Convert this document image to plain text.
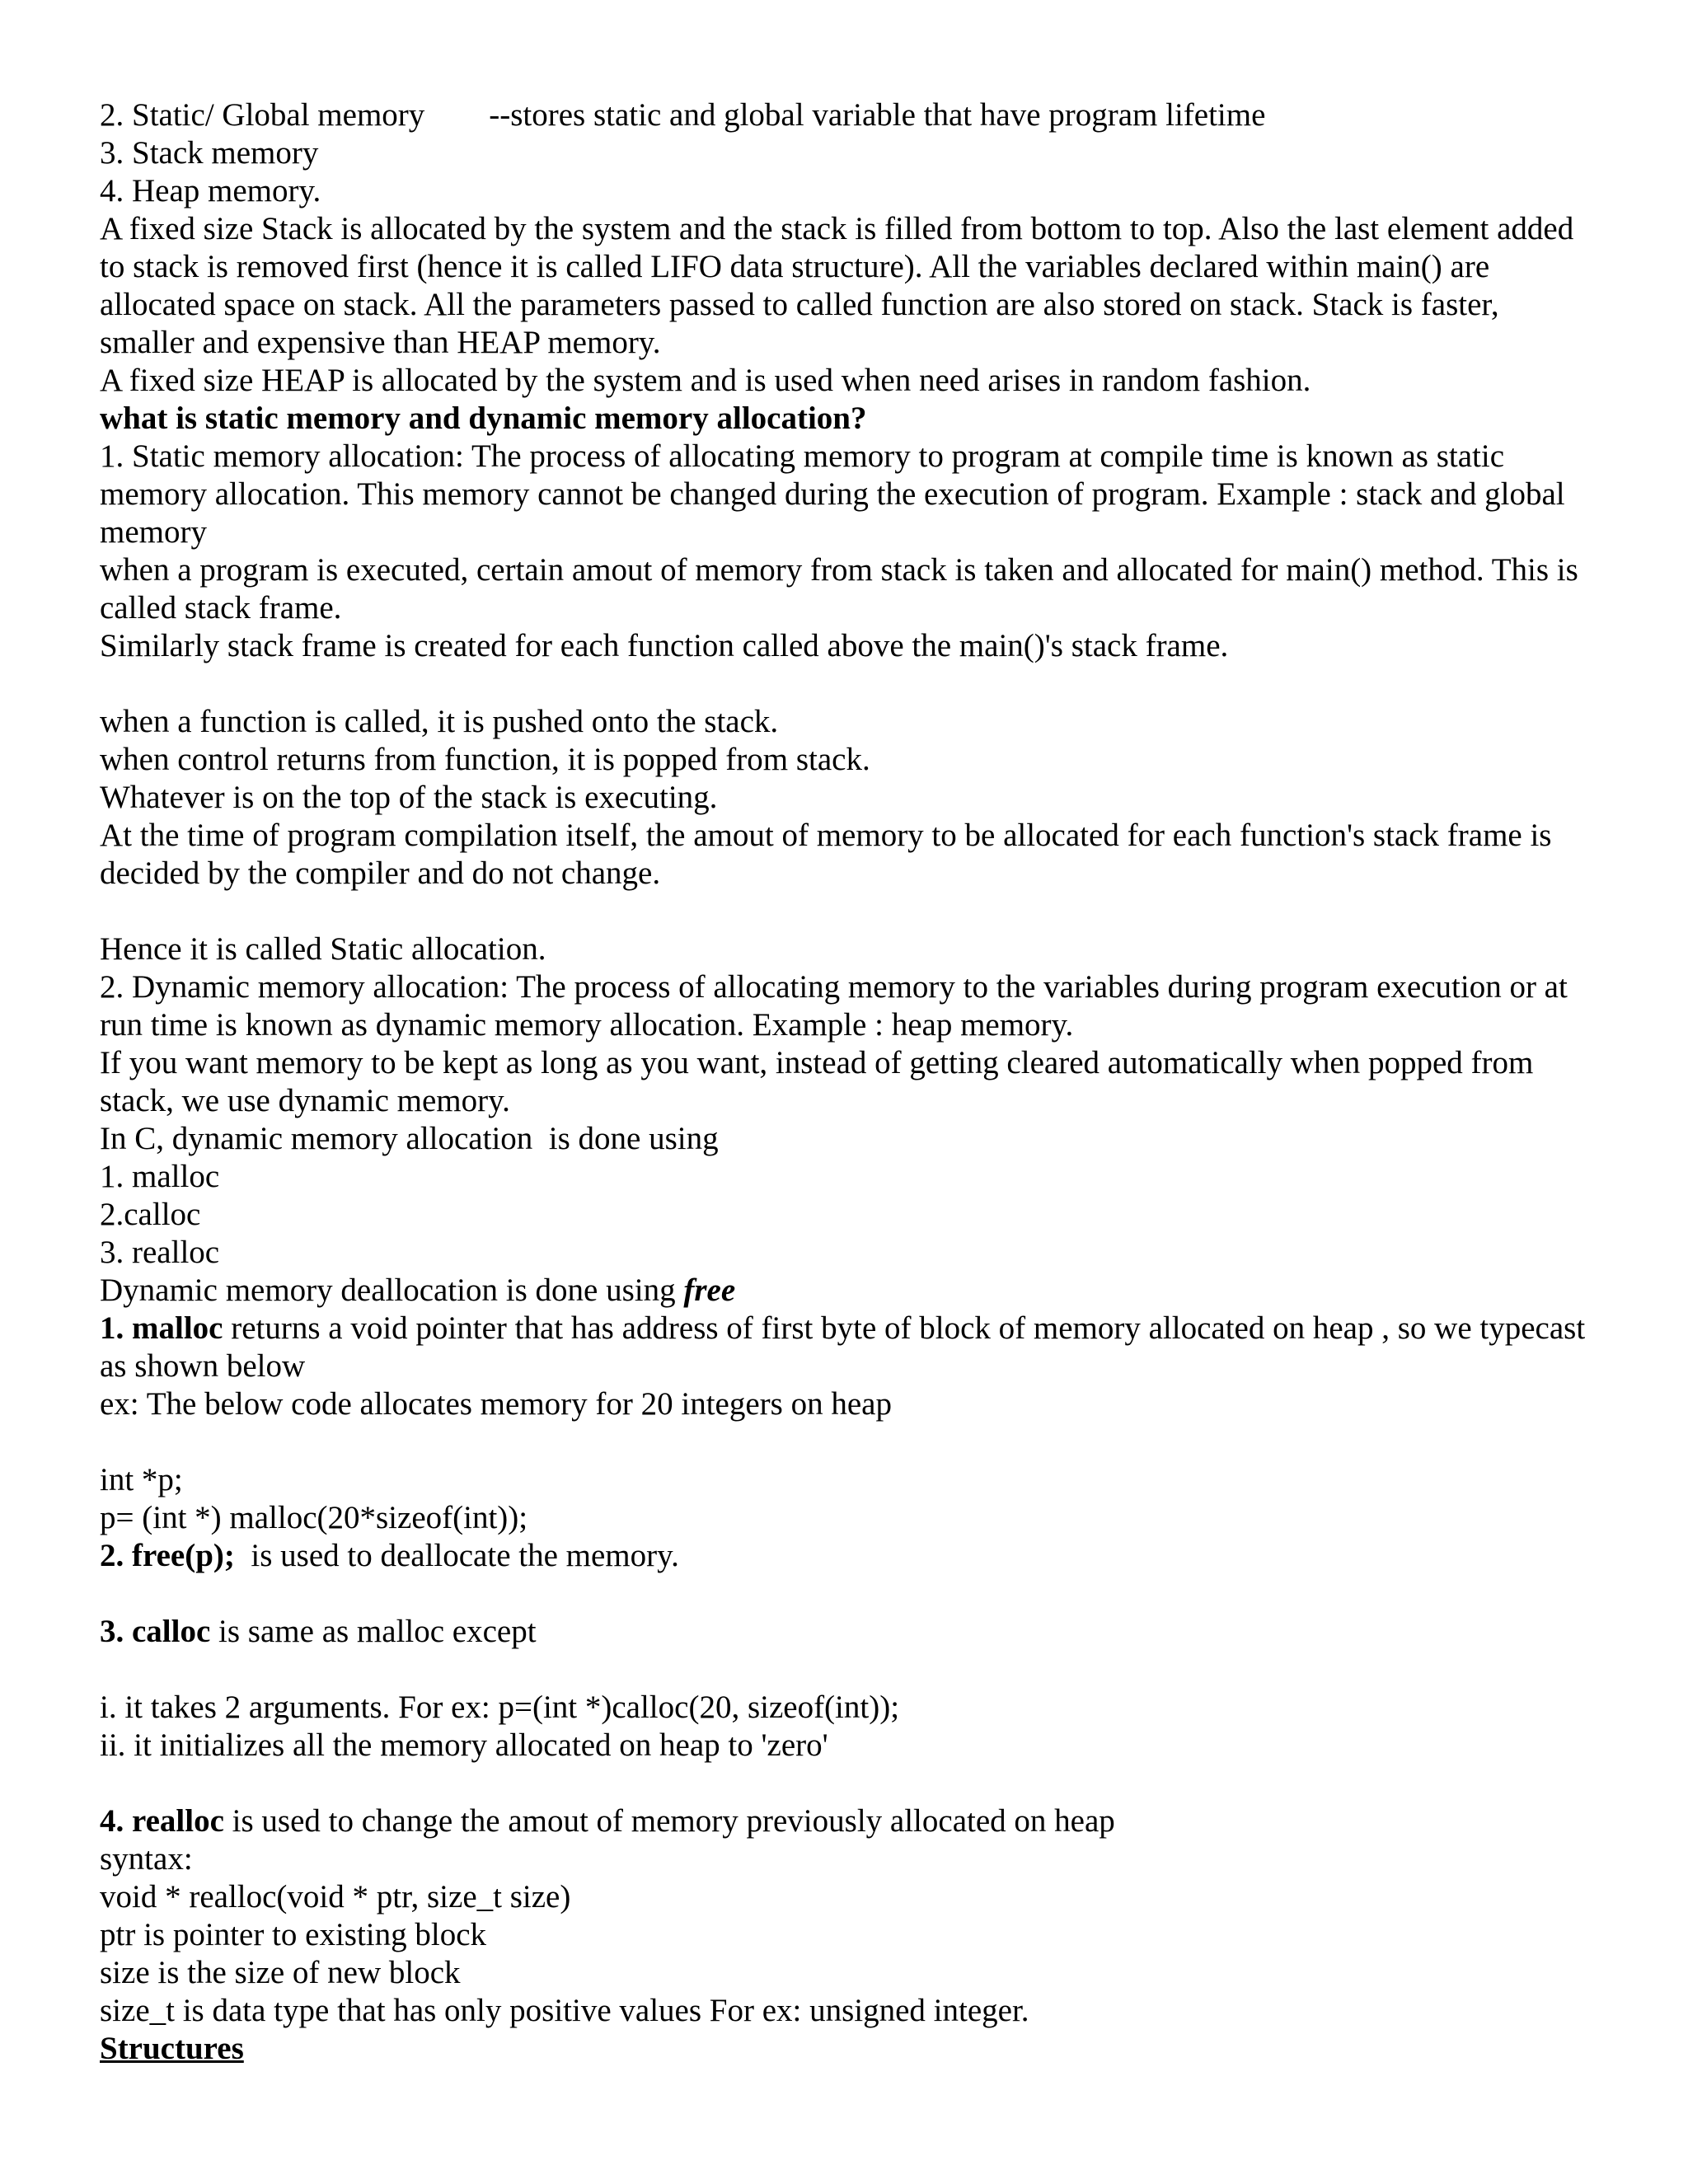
2. Static/ Global memory --stores static and global variable that have program lifetime
3. Stack memory
4. Heap memory.
A fixed size Stack is allocated by the system and the stack is filled from bottom to top. Also the last element added to stack is removed first (hence it is called LIFO data structure). All the variables declared within main() are allocated space on stack. All the parameters passed to called function are also stored on stack. Stack is faster, smaller and expensive than HEAP memory.
A fixed size HEAP is allocated by the system and is used when need arises in random fashion.
what is static memory and dynamic memory allocation?
1. Static memory allocation: The process of allocating memory to program at compile time is known as static memory allocation. This memory cannot be changed during the execution of program. Example : stack and global memory
when a program is executed, certain amout of memory from stack is taken and allocated for main() method. This is called stack frame.
Similarly stack frame is created for each function called above the main()'s stack frame.
when a function is called, it is pushed onto the stack.
when control returns from function, it is popped from stack.
Whatever is on the top of the stack is executing.
At the time of program compilation itself, the amout of memory to be allocated for each function's stack frame is decided by the compiler and do not change.
Hence it is called Static allocation.
2. Dynamic memory allocation: The process of allocating memory to the variables during program execution or at run time is known as dynamic memory allocation. Example : heap memory.
If you want memory to be kept as long as you want, instead of getting cleared automatically when popped from stack, we use dynamic memory.
In C, dynamic memory allocation  is done using
1. malloc
2.calloc
3. realloc
Dynamic memory deallocation is done using free
1. malloc returns a void pointer that has address of first byte of block of memory allocated on heap , so we typecast as shown below
ex: The below code allocates memory for 20 integers on heap
int *p;
p= (int *) malloc(20*sizeof(int));
2. free(p);  is used to deallocate the memory.
3. calloc is same as malloc except
i. it takes 2 arguments. For ex: p=(int *)calloc(20, sizeof(int));
ii. it initializes all the memory allocated on heap to 'zero'
4. realloc is used to change the amout of memory previously allocated on heap
syntax:
void * realloc(void * ptr, size_t size)
ptr is pointer to existing block
size is the size of new block
size_t is data type that has only positive values For ex: unsigned integer.
Structures
